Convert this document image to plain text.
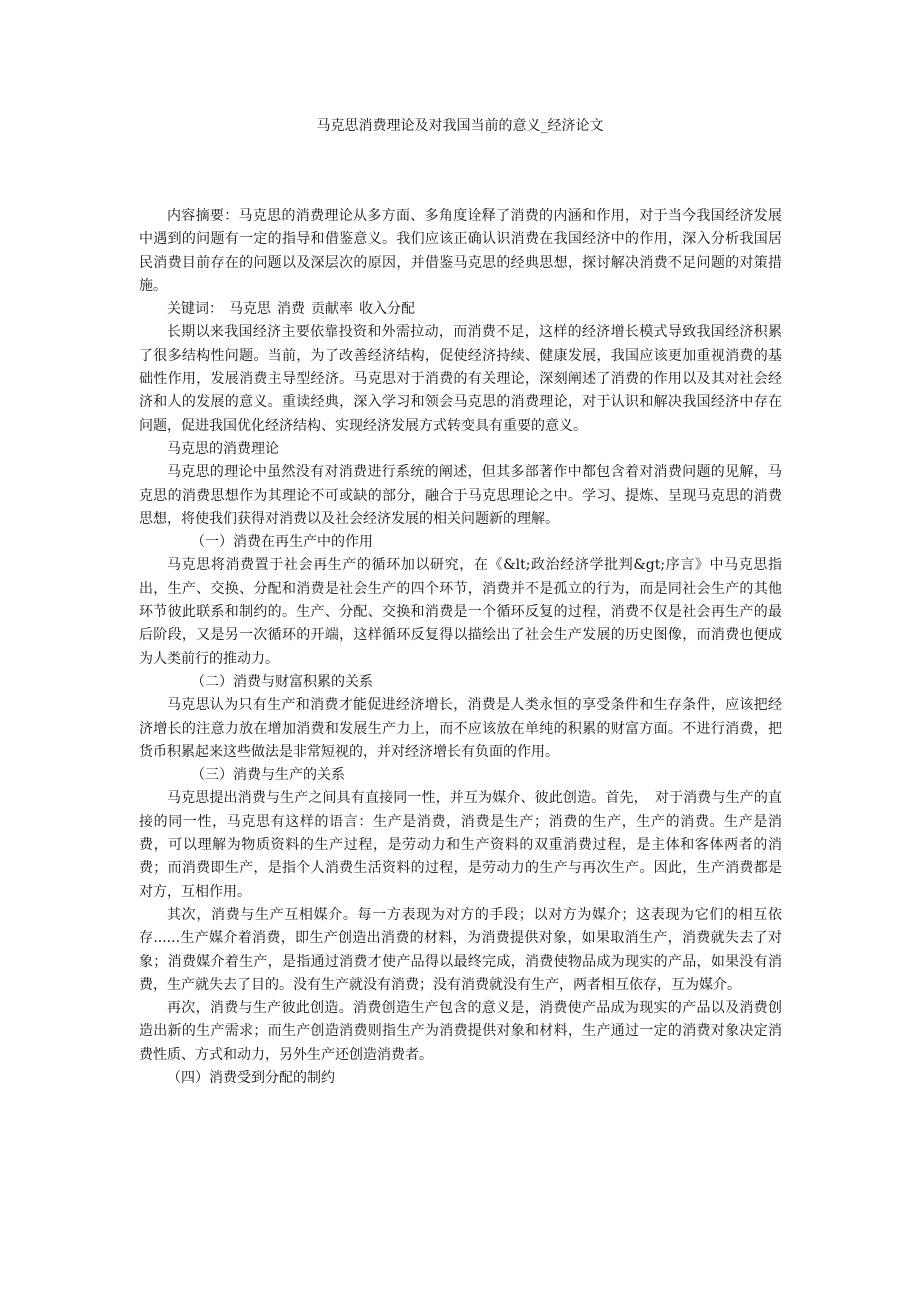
马克思消费理论及对我国当前的意义_经济论文

内容摘要：马克思的消费理论从多方面、多角度诠释了消费的内涵和作用，对于当今我国经济发展中遇到的问题有一定的指导和借鉴意义。我们应该正确认识消费在我国经济中的作用，深入分析我国居民消费目前存在的问题以及深层次的原因，并借鉴马克思的经典思想，探讨解决消费不足问题的对策措施。

关键词： 马克思 消费 贡献率 收入分配

长期以来我国经济主要依靠投资和外需拉动，而消费不足，这样的经济增长模式导致我国经济积累了很多结构性问题。当前，为了改善经济结构，促使经济持续、健康发展，我国应该更加重视消费的基础性作用，发展消费主导型经济。马克思对于消费的有关理论，深刻阐述了消费的作用以及其对社会经济和人的发展的意义。重读经典，深入学习和领会马克思的消费理论，对于认识和解决我国经济中存在问题，促进我国优化经济结构、实现经济发展方式转变具有重要的意义。

马克思的消费理论

马克思的理论中虽然没有对消费进行系统的阐述，但其多部著作中都包含着对消费问题的见解，马克思的消费思想作为其理论不可或缺的部分，融合于马克思理论之中。学习、提炼、呈现马克思的消费思想，将使我们获得对消费以及社会经济发展的相关问题新的理解。

（一）消费在再生产中的作用

马克思将消费置于社会再生产的循环加以研究，在《&lt;政治经济学批判&gt;序言》中马克思指出，生产、交换、分配和消费是社会生产的四个环节，消费并不是孤立的行为，而是同社会生产的其他环节彼此联系和制约的。生产、分配、交换和消费是一个循环反复的过程，消费不仅是社会再生产的最后阶段，又是另一次循环的开端，这样循环反复得以描绘出了社会生产发展的历史图像，而消费也便成为人类前行的推动力。

（二）消费与财富积累的关系

马克思认为只有生产和消费才能促进经济增长，消费是人类永恒的享受条件和生存条件，应该把经济增长的注意力放在增加消费和发展生产力上，而不应该放在单纯的积累的财富方面。不进行消费，把货币积累起来这些做法是非常短视的，并对经济增长有负面的作用。

（三）消费与生产的关系

马克思提出消费与生产之间具有直接同一性，并互为媒介、彼此创造。首先，　对于消费与生产的直接的同一性，马克思有这样的语言：生产是消费，消费是生产；消费的生产，生产的消费。生产是消费，可以理解为物质资料的生产过程，是劳动力和生产资料的双重消费过程，是主体和客体两者的消费；而消费即生产，是指个人消费生活资料的过程，是劳动力的生产与再次生产。因此，生产消费都是对方，互相作用。

其次，消费与生产互相媒介。每一方表现为对方的手段；以对方为媒介；这表现为它们的相互依存......生产媒介着消费，即生产创造出消费的材料，为消费提供对象，如果取消生产，消费就失去了对象；消费媒介着生产，是指通过消费才使产品得以最终完成，消费使物品成为现实的产品，如果没有消费，生产就失去了目的。没有生产就没有消费；没有消费就没有生产，两者相互依存，互为媒介。

再次，消费与生产彼此创造。消费创造生产包含的意义是，消费使产品成为现实的产品以及消费创造出新的生产需求；而生产创造消费则指生产为消费提供对象和材料，生产通过一定的消费对象决定消费性质、方式和动力，另外生产还创造消费者。

（四）消费受到分配的制约
